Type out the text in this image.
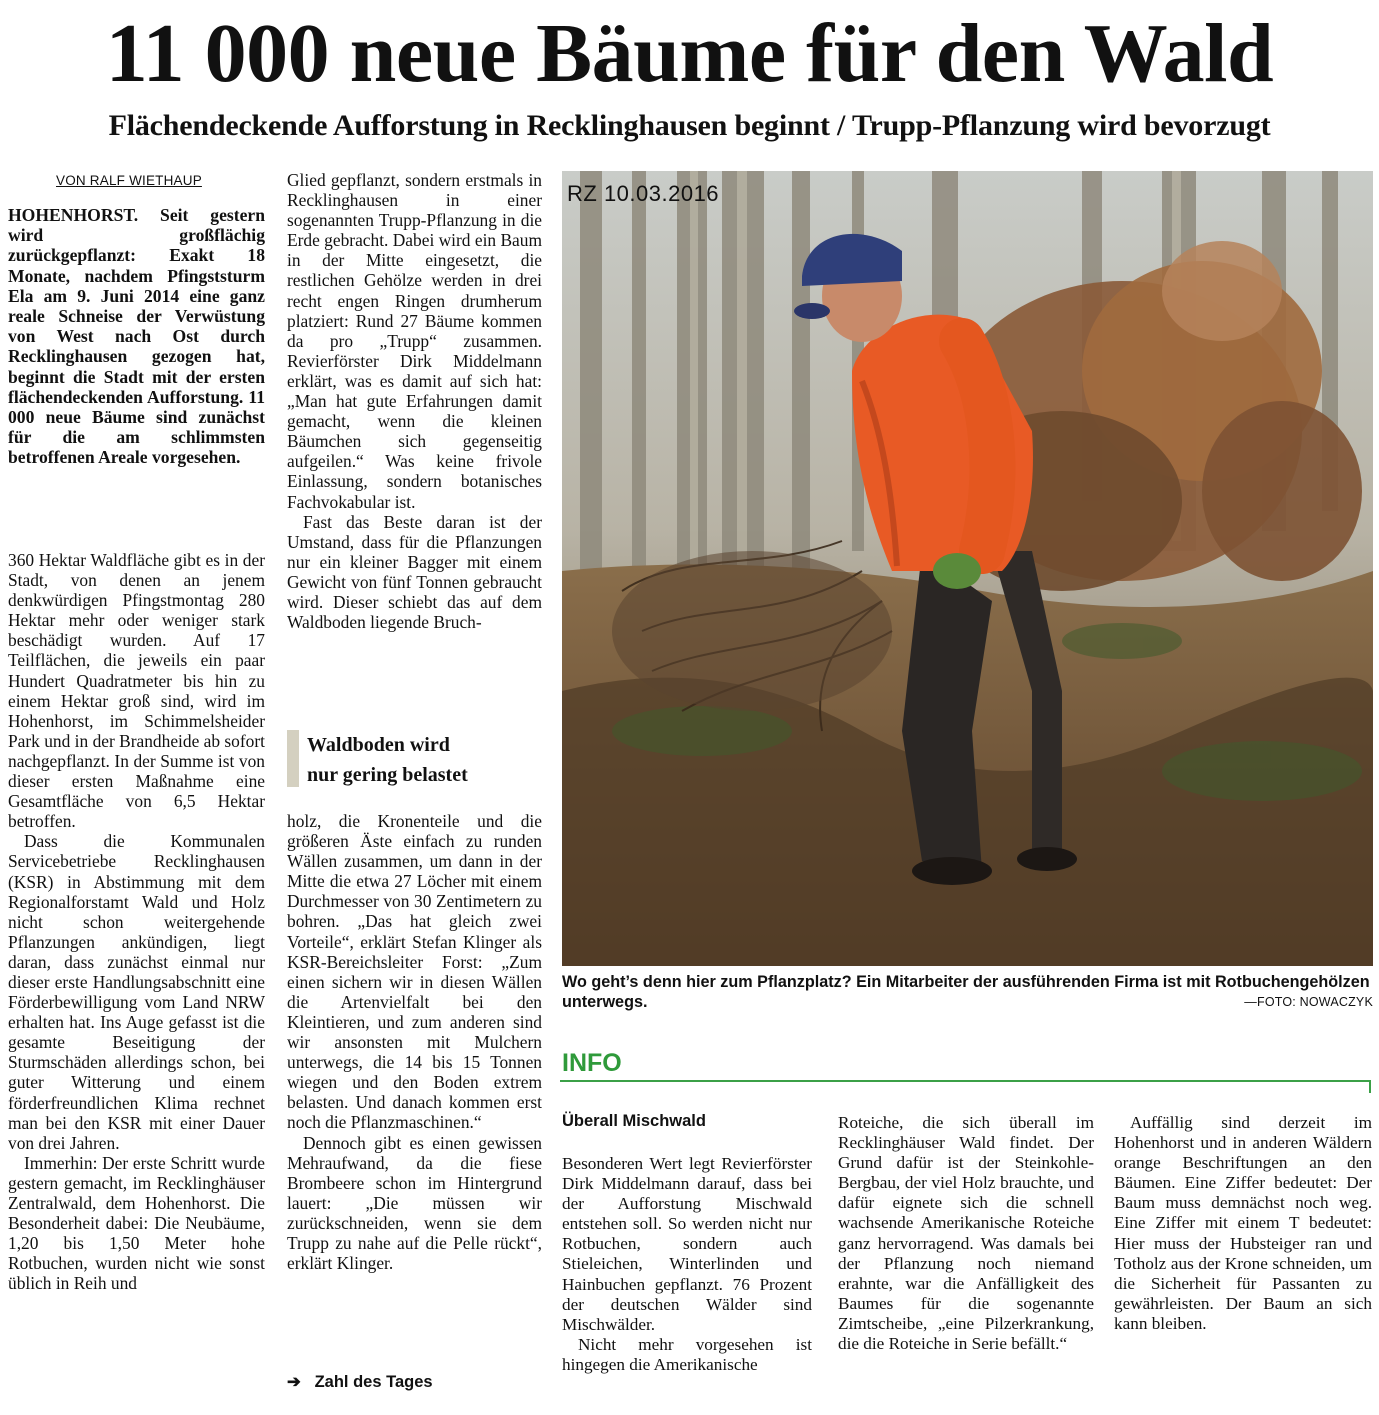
11 000 neue Bäume für den Wald
Flächendeckende Aufforstung in Recklinghausen beginnt / Trupp-Pflanzung wird bevorzugt
VON RALF WIETHAUP
HOHENHORST. Seit gestern wird großflächig zurückgepflanzt: Exakt 18 Monate, nachdem Pfingststurm Ela am 9. Juni 2014 eine ganz reale Schneise der Verwüstung von West nach Ost durch Recklinghausen gezogen hat, beginnt die Stadt mit der ersten flächendeckenden Aufforstung. 11 000 neue Bäume sind zunächst für die am schlimmsten betroffenen Areale vorgesehen.

360 Hektar Waldfläche gibt es in der Stadt, von denen an jenem denkwürdigen Pfingstmontag 280 Hektar mehr oder weniger stark beschädigt wurden. Auf 17 Teilflächen, die jeweils ein paar Hundert Quadratmeter bis hin zu einem Hektar groß sind, wird im Hohenhorst, im Schimmelsheider Park und in der Brandheide ab sofort nachgepflanzt. In der Summe ist von dieser ersten Maßnahme eine Gesamtfläche von 6,5 Hektar betroffen.

Dass die Kommunalen Servicebetriebe Recklinghausen (KSR) in Abstimmung mit dem Regionalforstamt Wald und Holz nicht schon weitergehende Pflanzungen ankündigen, liegt daran, dass zunächst einmal nur dieser erste Handlungsabschnitt eine Förderbewilligung vom Land NRW erhalten hat. Ins Auge gefasst ist die gesamte Beseitigung der Sturmschäden allerdings schon, bei guter Witterung und einem förderfreundlichen Klima rechnet man bei den KSR mit einer Dauer von drei Jahren.

Immerhin: Der erste Schritt wurde gestern gemacht, im Recklinghäuser Zentralwald, dem Hohenhorst. Die Besonderheit dabei: Die Neubäume, 1,20 bis 1,50 Meter hohe Rotbuchen, wurden nicht wie sonst üblich in Reih und

Glied gepflanzt, sondern erstmals in Recklinghausen in einer sogenannten Trupp-Pflanzung in die Erde gebracht. Dabei wird ein Baum in der Mitte eingesetzt, die restlichen Gehölze werden in drei recht engen Ringen drumherum platziert: Rund 27 Bäume kommen da pro „Trupp“ zusammen. Revierförster Dirk Middelmann erklärt, was es damit auf sich hat: „Man hat gute Erfahrungen damit gemacht, wenn die kleinen Bäumchen sich gegenseitig aufgeilen.“ Was keine frivole Einlassung, sondern botanisches Fachvokabular ist.

Fast das Beste daran ist der Umstand, dass für die Pflanzungen nur ein kleiner Bagger mit einem Gewicht von fünf Tonnen gebraucht wird. Dieser schiebt das auf dem Waldboden liegende Bruch-

Waldboden wird
nur gering belastet

holz, die Kronenteile und die größeren Äste einfach zu runden Wällen zusammen, um dann in der Mitte die etwa 27 Löcher mit einem Durchmesser von 30 Zentimetern zu bohren. „Das hat gleich zwei Vorteile“, erklärt Stefan Klinger als KSR-Bereichsleiter Forst: „Zum einen sichern wir in diesen Wällen die Artenvielfalt bei den Kleintieren, und zum anderen sind wir ansonsten mit Mulchern unterwegs, die 14 bis 15 Tonnen wiegen und den Boden extrem belasten. Und danach kommen erst noch die Pflanzmaschinen.“

Dennoch gibt es einen gewissen Mehraufwand, da die fiese Brombeere schon im Hintergrund lauert: „Die müssen wir zurückschneiden, wenn sie dem Trupp zu nahe auf die Pelle rückt“, erklärt Klinger.

➔ Zahl des Tages
RZ 10.03.2016
Wo geht’s denn hier zum Pflanzplatz? Ein Mitarbeiter der ausführenden Firma ist mit Rotbuchengehölzen unterwegs.	—FOTO: NOWACZYK
INFO
Überall Mischwald

Besonderen Wert legt Revierförster Dirk Middelmann darauf, dass bei der Aufforstung Mischwald entstehen soll. So werden nicht nur Rotbuchen, sondern auch Stieleichen, Winterlinden und Hainbuchen gepflanzt. 76 Prozent der deutschen Wälder sind Mischwälder.

Nicht mehr vorgesehen ist hingegen die Amerikanische

Roteiche, die sich überall im Recklinghäuser Wald findet. Der Grund dafür ist der Steinkohle-Bergbau, der viel Holz brauchte, und dafür eignete sich die schnell wachsende Amerikanische Roteiche ganz hervorragend. Was damals bei der Pflanzung noch niemand erahnte, war die Anfälligkeit des Baumes für die sogenannte Zimtscheibe, „eine Pilzerkrankung, die die Roteiche in Serie befällt.“

Auffällig sind derzeit im Hohenhorst und in anderen Wäldern orange Beschriftungen an den Bäumen. Eine Ziffer bedeutet: Der Baum muss demnächst noch weg. Eine Ziffer mit einem T bedeutet: Hier muss der Hubsteiger ran und Totholz aus der Krone schneiden, um die Sicherheit für Passanten zu gewährleisten. Der Baum an sich kann bleiben.
